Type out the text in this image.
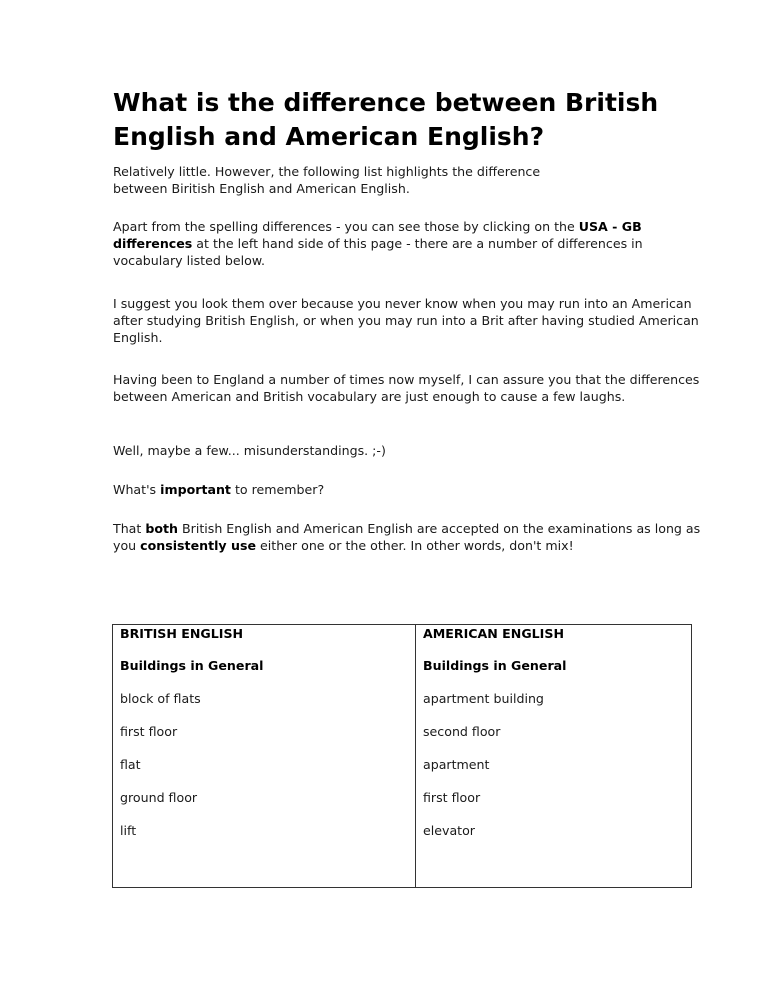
What is the difference between British English and American English?

Relatively little. However, the following list highlights the difference between Biritish English and American English.

Apart from the spelling differences - you can see those by clicking on the USA - GB differences at the left hand side of this page - there are a number of differences in vocabulary listed below.

I suggest you look them over because you never know when you may run into an American after studying British English, or when you may run into a Brit after having studied American English.

Having been to England a number of times now myself, I can assure you that the differences between American and British vocabulary are just enough to cause a few laughs.

Well, maybe a few... misunderstandings. ;-)

What's important to remember?

That both British English and American English are accepted on the examinations as long as you consistently use either one or the other. In other words, don't mix!

BRITISH ENGLISH
Buildings in General
block of flats
first floor
flat
ground floor
lift
AMERICAN ENGLISH
Buildings in General
apartment building
second floor
apartment
first floor
elevator
